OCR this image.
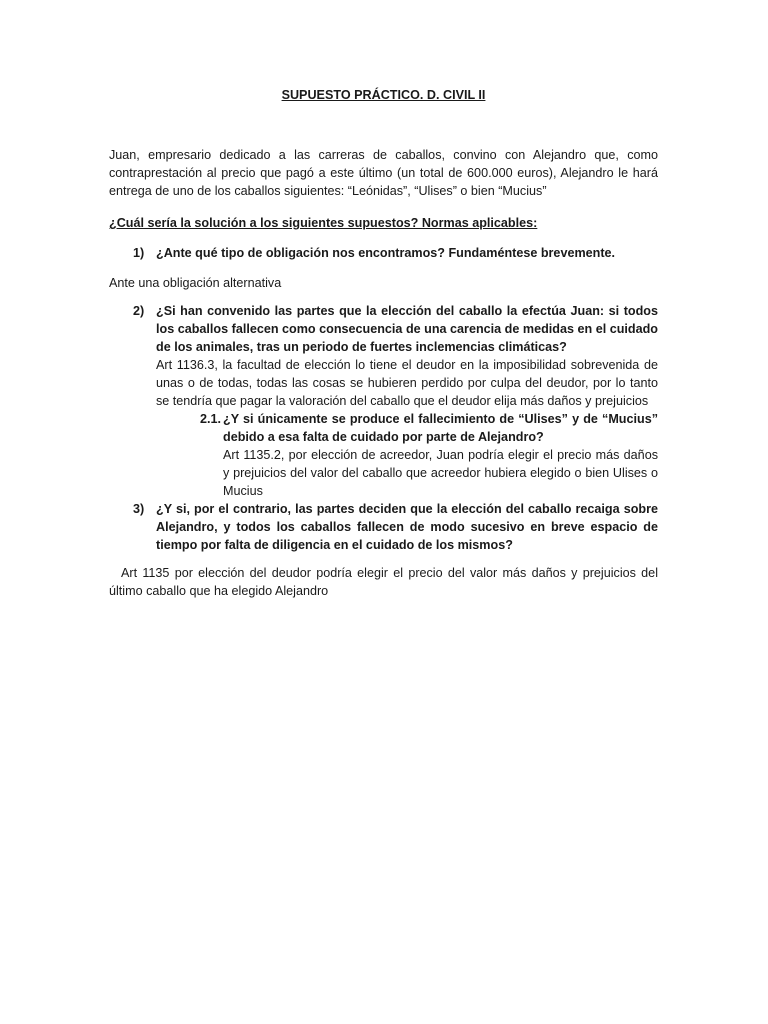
SUPUESTO PRÁCTICO. D. CIVIL II

Juan, empresario dedicado a las carreras de caballos, convino con Alejandro que, como contraprestación al precio que pagó a este último (un total de 600.000 euros), Alejandro le hará entrega de uno de los caballos siguientes: “Leónidas”, “Ulises” o bien “Mucius”

¿Cuál sería la solución a los siguientes supuestos? Normas aplicables:

1) ¿Ante qué tipo de obligación nos encontramos? Fundaméntese brevemente.

Ante una obligación alternativa

2) ¿Si han convenido las partes que la elección del caballo la efectúa Juan: si todos los caballos fallecen como consecuencia de una carencia de medidas en el cuidado de los animales, tras un periodo de fuertes inclemencias climáticas?

Art 1136.3, la facultad de elección lo tiene el deudor en la imposibilidad sobrevenida de unas o de todas, todas las cosas se hubieren perdido por culpa del deudor, por lo tanto se tendría que pagar la valoración del caballo que el deudor elija más daños y prejuicios

2.1. ¿Y si únicamente se produce el fallecimiento de “Ulises” y de “Mucius” debido a esa falta de cuidado por parte de Alejandro?

Art 1135.2, por elección de acreedor, Juan podría elegir el precio más daños y prejuicios del valor del caballo que acreedor hubiera elegido o bien Ulises o Mucius

3) ¿Y si, por el contrario, las partes deciden que la elección del caballo recaiga sobre Alejandro, y todos los caballos fallecen de modo sucesivo en breve espacio de tiempo por falta de diligencia en el cuidado de los mismos?

Art 1135 por elección del deudor podría elegir el precio del valor más daños y prejuicios del último caballo que ha elegido Alejandro
